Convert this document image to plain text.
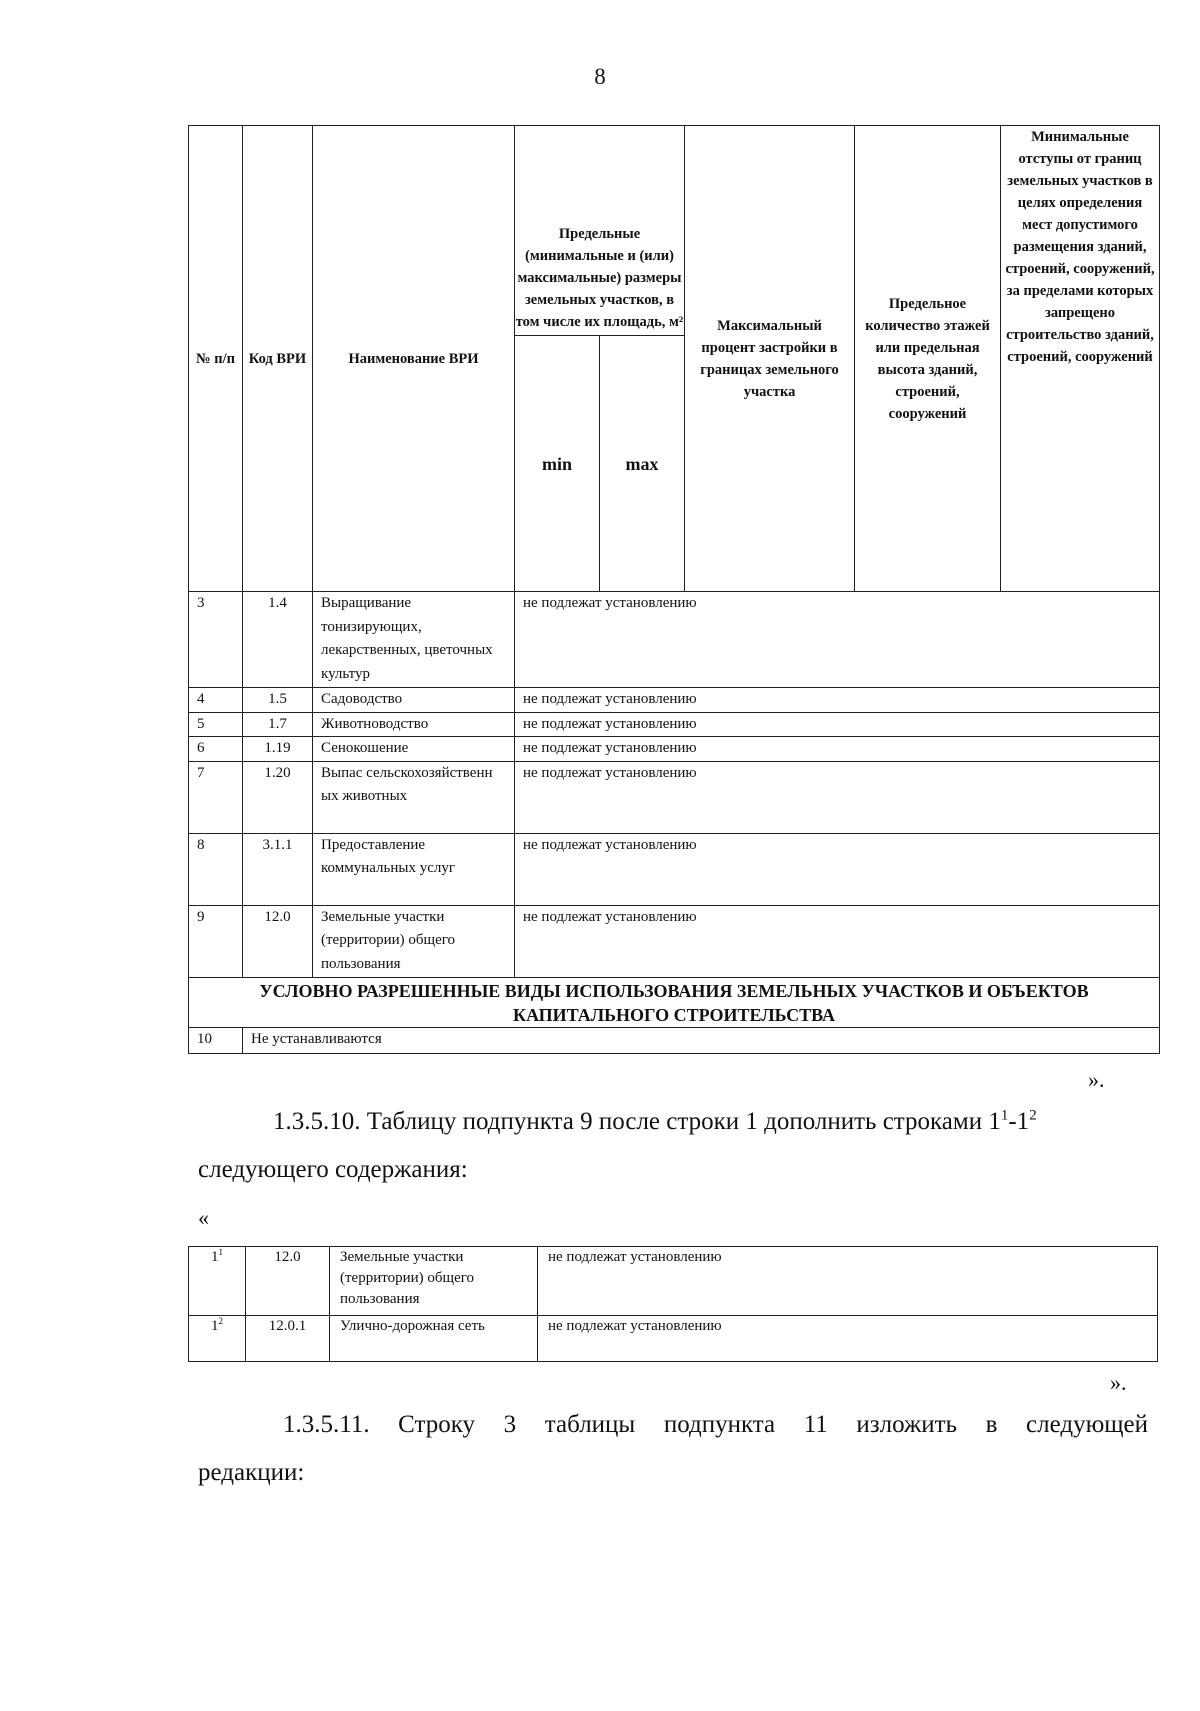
8
№ п/п	Код ВРИ	Наименование ВРИ	Предельные (минимальные и (или) максимальные) размеры земельных участков, в том числе их площадь, м²		Максимальный процент застройки в границах земельного участка	Предельное количество этажей или предельная высота зданий, строений, сооружений	Минимальные отступы от границ земельных участков в целях определения мест допустимого размещения зданий, строений, сооружений, за пределами которых запрещено строительство зданий, строений, сооружений
			min	max			
3	1.4	Выращивание тонизирующих, лекарственных, цветочных культур	не подлежат установлению				
4	1.5	Садоводство	не подлежат установлению				
5	1.7	Животноводство	не подлежат установлению				
6	1.19	Сенокошение	не подлежат установлению				
7	1.20	Выпас сельскохозяйственн ых животных	не подлежат установлению				
8	3.1.1	Предоставление коммунальных услуг	не подлежат установлению				
9	12.0	Земельные участки (территории) общего пользования	не подлежат установлению				
УСЛОВНО РАЗРЕШЕННЫЕ ВИДЫ ИСПОЛЬЗОВАНИЯ ЗЕМЕЛЬНЫХ УЧАСТКОВ И ОБЪЕКТОВ КАПИТАЛЬНОГО СТРОИТЕЛЬСТВА							
10	Не устанавливаются						
».

1.3.5.10. Таблицу подпункта 9 после строки 1 дополнить строками $1^1-1^2$

следующего содержания:

«
$1^1$	12.0	Земельные участки (территории) общего пользования	не подлежат установлению
$1^2$	12.0.1	Улично-дорожная сеть	не подлежат установлению
».

1.3.5.11. Строку 3 таблицы подпункта 11 изложить в следующей

редакции:
